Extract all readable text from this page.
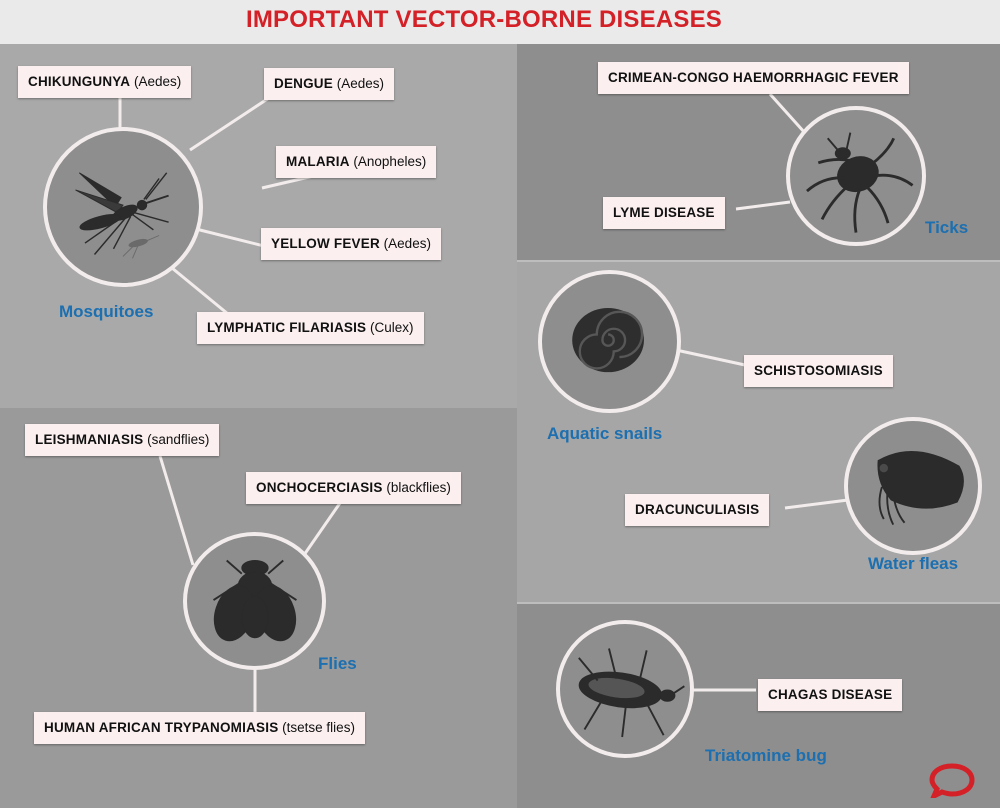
IMPORTANT VECTOR-BORNE DISEASES
CHIKUNGUNYA (Aedes)	DENGUE (Aedes)
MALARIA (Anopheles)
YELLOW FEVER (Aedes)
LYMPHATIC FILARIASIS (Culex)
LEISHMANIASIS (sandflies)
ONCHOCERCIASIS (blackflies)
HUMAN AFRICAN TRYPANOMIASIS (tsetse flies)
CRIMEAN-CONGO HAEMORRHAGIC FEVER
LYME DISEASE
SCHISTOSOMIASIS
DRACUNCULIASIS
CHAGAS DISEASE
Mosquitoes
Flies
Ticks
Aquatic snails
Water fleas
Triatomine bug
